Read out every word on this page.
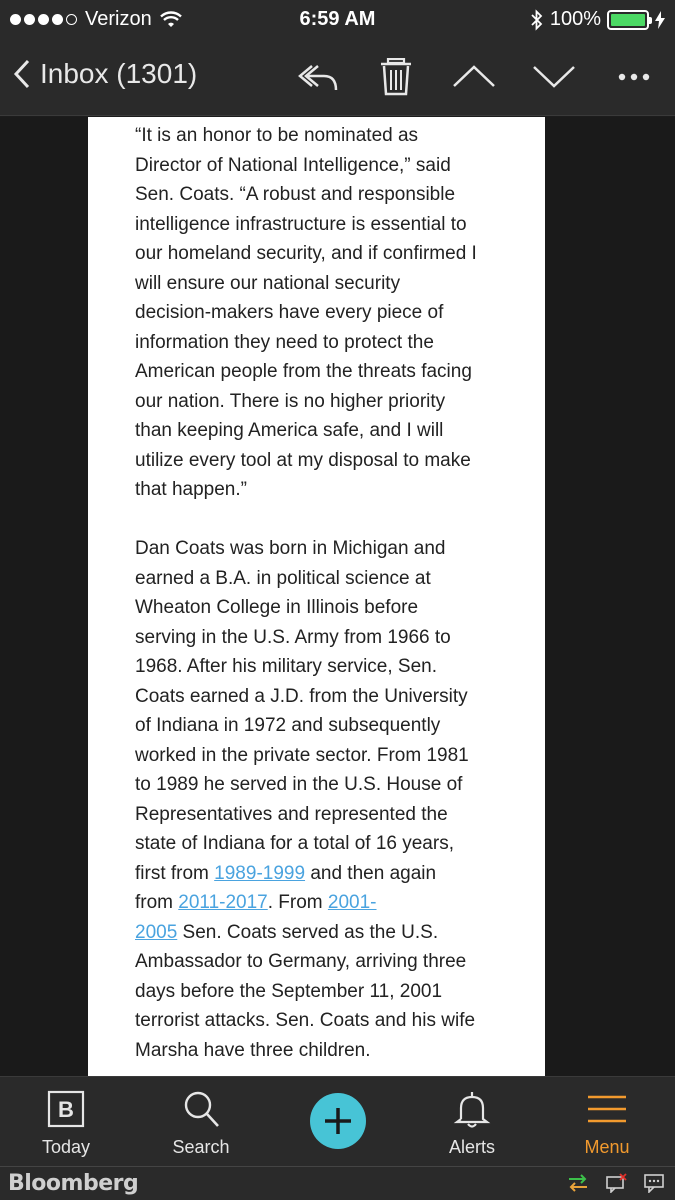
Verizon	6:59 AM	100%
Inbox (1301)

“It is an honor to be nominated as

Director of National Intelligence,” said

Sen. Coats. “A robust and responsible

intelligence infrastructure is essential to

our homeland security, and if confirmed I

will ensure our national security

decision-makers have every piece of

information they need to protect the

American people from the threats facing

our nation. There is no higher priority

than keeping America safe, and I will

utilize every tool at my disposal to make

that happen.”

Dan Coats was born in Michigan and

earned a B.A. in political science at

Wheaton College in Illinois before

serving in the U.S. Army from 1966 to

1968. After his military service, Sen.

Coats earned a J.D. from the University

of Indiana in 1972 and subsequently

worked in the private sector. From 1981

to 1989 he served in the U.S. House of

Representatives and represented the

state of Indiana for a total of 16 years,

first from 1989-1999 and then again

from 2011-2017. From 2001-

2005 Sen. Coats served as the U.S.

Ambassador to Germany, arriving three

days before the September 11, 2001

terrorist attacks. Sen. Coats and his wife

Marsha have three children.

B
Today	Search	Alerts	Menu
Bloomberg
